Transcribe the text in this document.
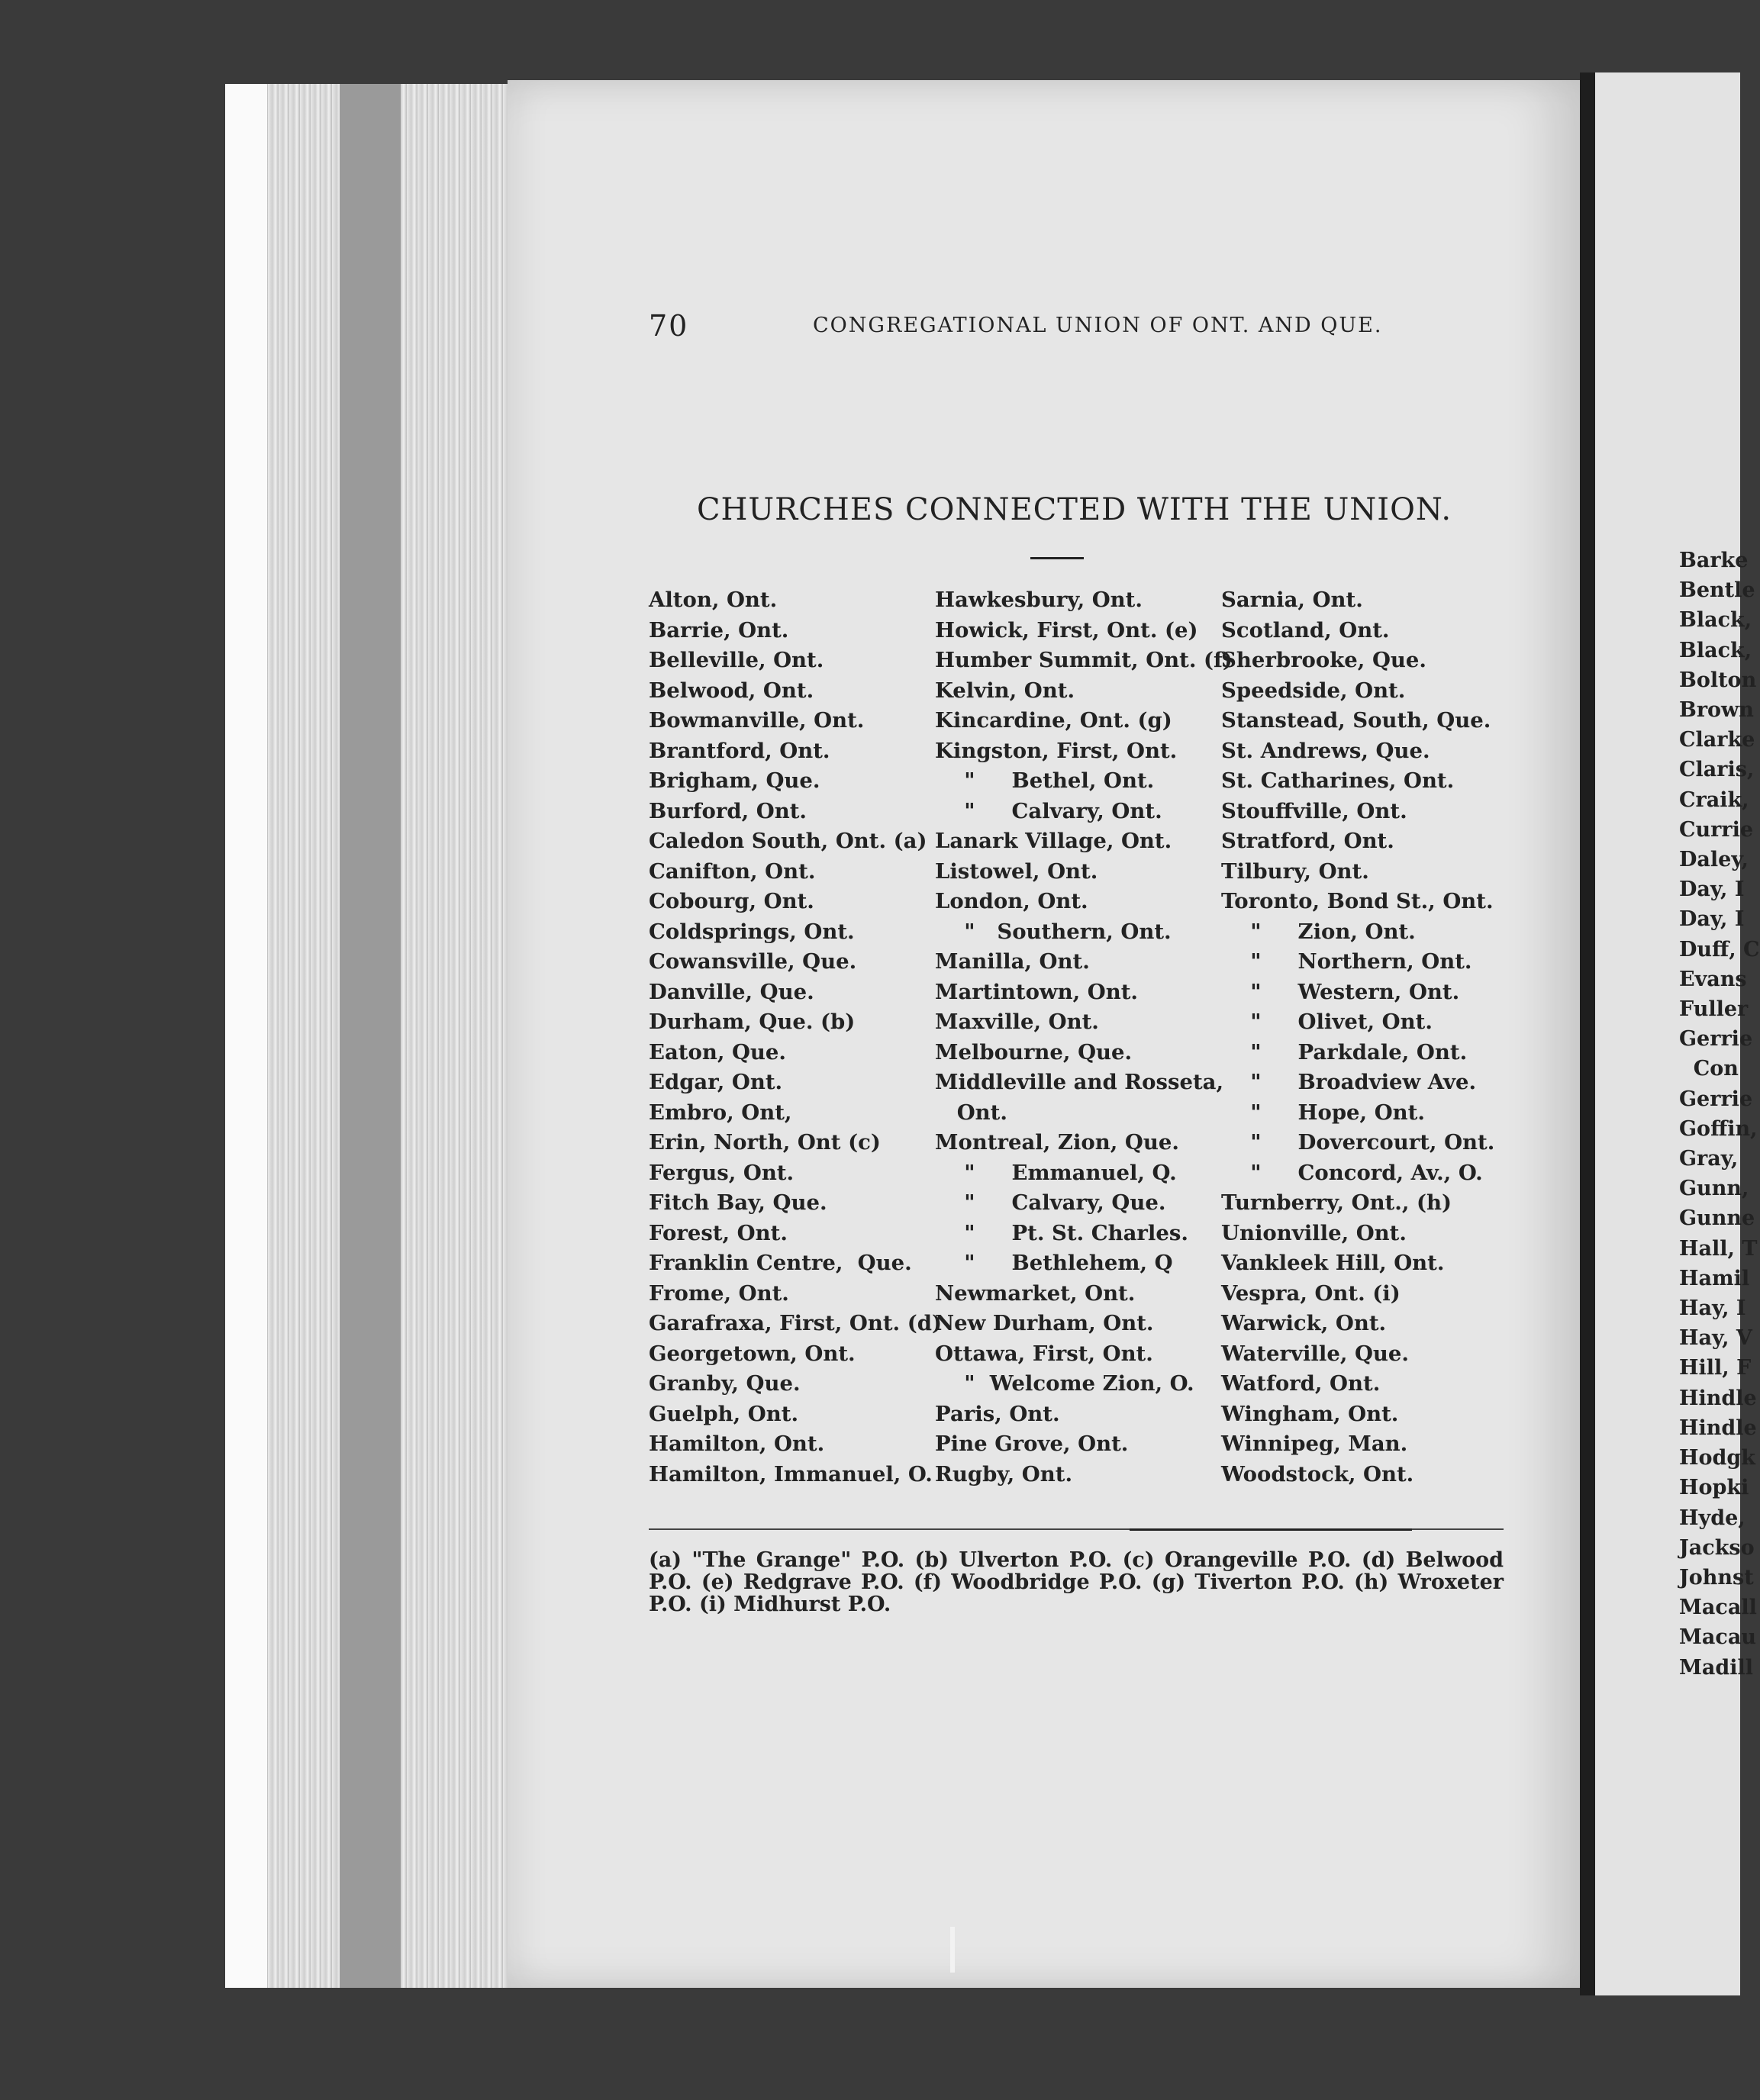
70	CONGREGATIONAL UNION OF ONT. AND QUE.
CHURCHES CONNECTED WITH THE UNION.
Alton, Ont.
Barrie, Ont.
Belleville, Ont.
Belwood, Ont.
Bowmanville, Ont.
Brantford, Ont.
Brigham, Que.
Burford, Ont.
Caledon South, Ont. (a)
Canifton, Ont.
Cobourg, Ont.
Coldsprings, Ont.
Cowansville, Que.
Danville, Que.
Durham, Que. (b)
Eaton, Que.
Edgar, Ont.
Embro, Ont,
Erin, North, Ont (c)
Fergus, Ont.
Fitch Bay, Que.
Forest, Ont.
Franklin Centre,  Que.
Frome, Ont.
Garafraxa, First, Ont. (d)
Georgetown, Ont.
Granby, Que.
Guelph, Ont.
Hamilton, Ont.
Hamilton, Immanuel, O.
Hawkesbury, Ont.
Howick, First, Ont. (e)
Humber Summit, Ont. (f)
Kelvin, Ont.
Kincardine, Ont. (g)
Kingston, First, Ont.
"     Bethel, Ont.
"     Calvary, Ont.
Lanark Village, Ont.
Listowel, Ont.
London, Ont.
"   Southern, Ont.
Manilla, Ont.
Martintown, Ont.
Maxville, Ont.
Melbourne, Que.
Middleville and Rosseta,
Ont.
Montreal, Zion, Que.
"     Emmanuel, Q.
"     Calvary, Que.
"     Pt. St. Charles.
"     Bethlehem, Q
Newmarket, Ont.
New Durham, Ont.
Ottawa, First, Ont.
"  Welcome Zion, O.
Paris, Ont.
Pine Grove, Ont.
Rugby, Ont.
Sarnia, Ont.
Scotland, Ont.
Sherbrooke, Que.
Speedside, Ont.
Stanstead, South, Que.
St. Andrews, Que.
St. Catharines, Ont.
Stouffville, Ont.
Stratford, Ont.
Tilbury, Ont.
Toronto, Bond St., Ont.
"     Zion, Ont.
"     Northern, Ont.
"     Western, Ont.
"     Olivet, Ont.
"     Parkdale, Ont.
"     Broadview Ave.
"     Hope, Ont.
"     Dovercourt, Ont.
"     Concord, Av., O.
Turnberry, Ont., (h)
Unionville, Ont.
Vankleek Hill, Ont.
Vespra, Ont. (i)
Warwick, Ont.
Waterville, Que.
Watford, Ont.
Wingham, Ont.
Winnipeg, Man.
Woodstock, Ont.
(a) "The Grange" P.O. (b) Ulverton P.O. (c) Orangeville P.O. (d) Belwood P.O. (e) Redgrave P.O. (f) Woodbridge P.O. (g) Tiverton P.O. (h) Wroxeter P.O. (i) Midhurst P.O.
Barke
Bentle
Black,
Black,
Bolton
Brown
Clarke
Claris,
Craik,
Currie
Daley,
Day, I
Day, I
Duff, C
Evans
Fuller
Gerrie
Con
Gerrie
Goffin,
Gray,
Gunn,
Gunne
Hall, T
Hamil
Hay, I
Hay, V
Hill, F
Hindle
Hindle
Hodgk
Hopki
Hyde,
Jackso
Johnst
Macall
Macau
Madill
